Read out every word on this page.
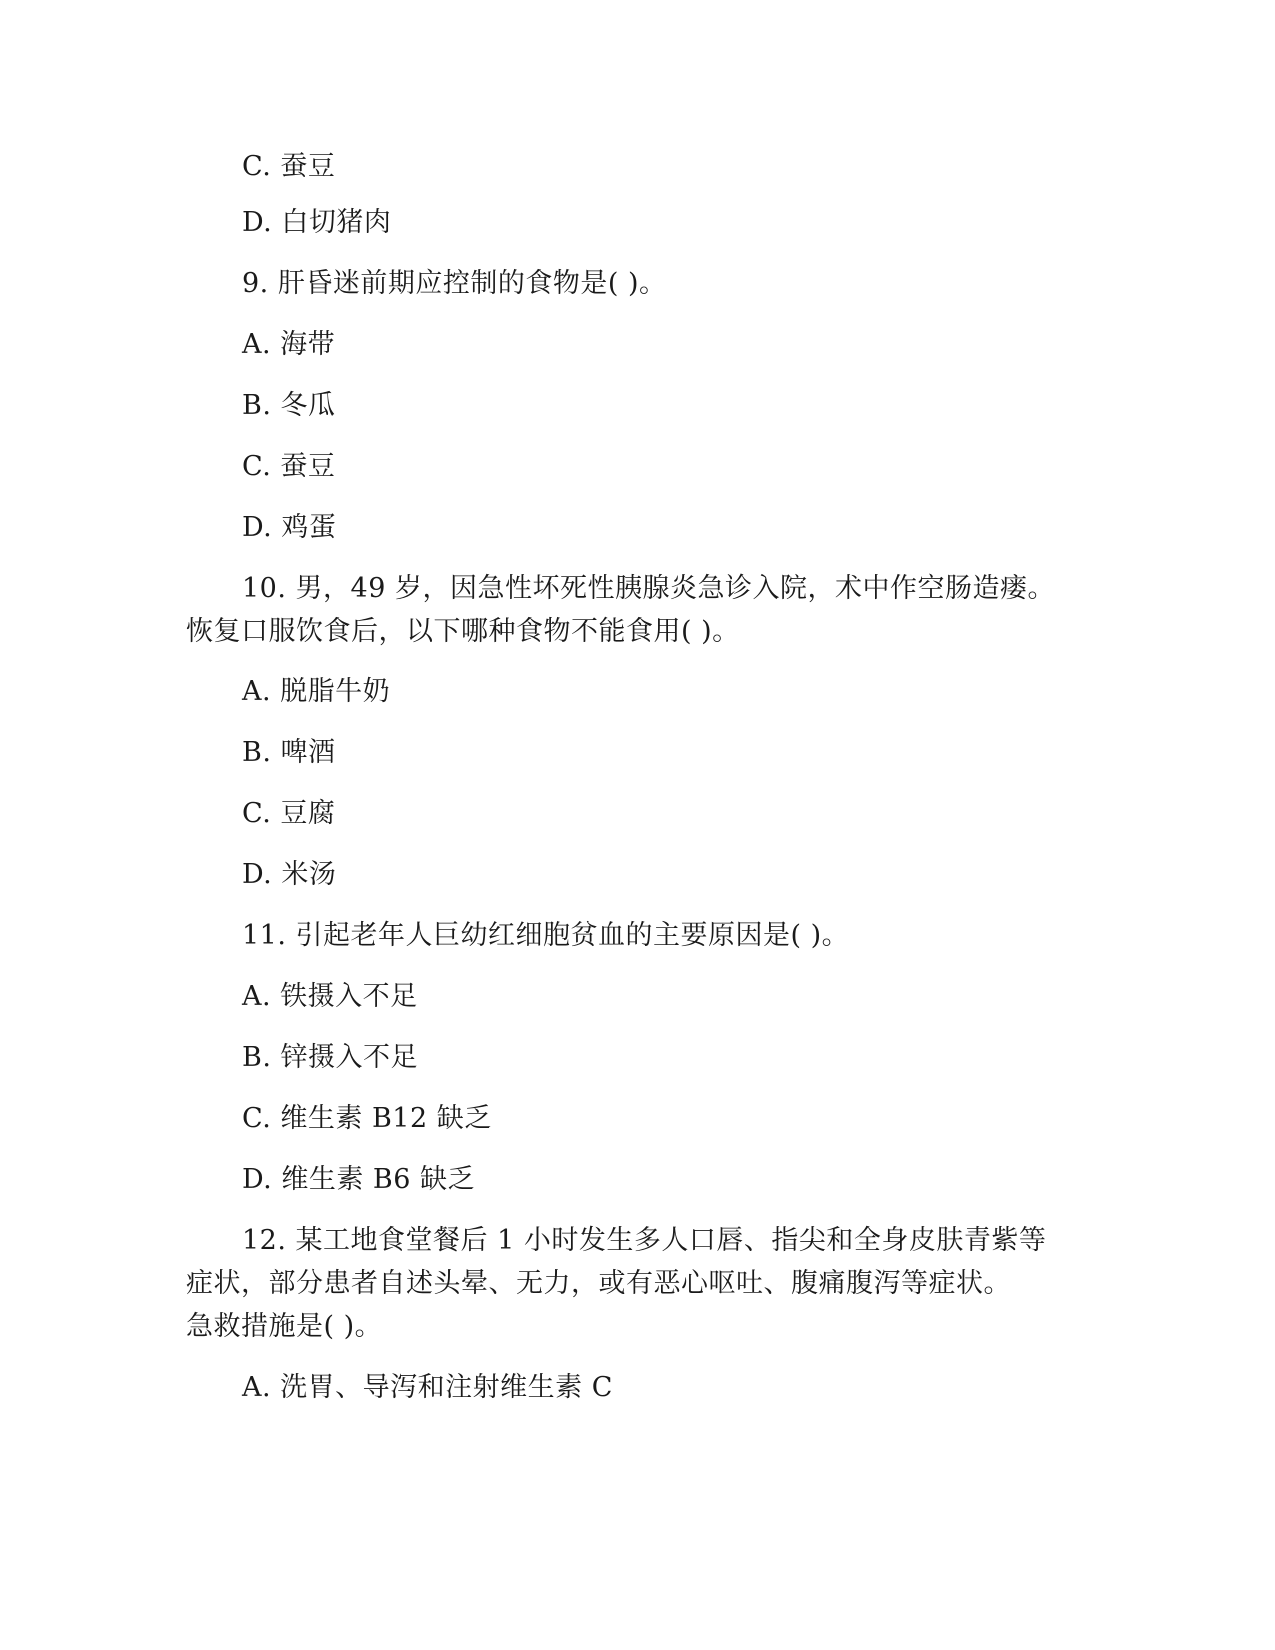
C. 蚕豆
D. 白切猪肉
9. 肝昏迷前期应控制的食物是( )。
A. 海带
B. 冬瓜
C. 蚕豆
D. 鸡蛋
10. 男，49 岁，因急性坏死性胰腺炎急诊入院，术中作空肠造瘘。
恢复口服饮食后，以下哪种食物不能食用( )。
A. 脱脂牛奶
B. 啤酒
C. 豆腐
D. 米汤
11. 引起老年人巨幼红细胞贫血的主要原因是( )。
A. 铁摄入不足
B. 锌摄入不足
C. 维生素 B12 缺乏
D. 维生素 B6 缺乏
12. 某工地食堂餐后 1 小时发生多人口唇、指尖和全身皮肤青紫等
症状，部分患者自述头晕、无力，或有恶心呕吐、腹痛腹泻等症状。
急救措施是( )。
A. 洗胃、导泻和注射维生素 C
